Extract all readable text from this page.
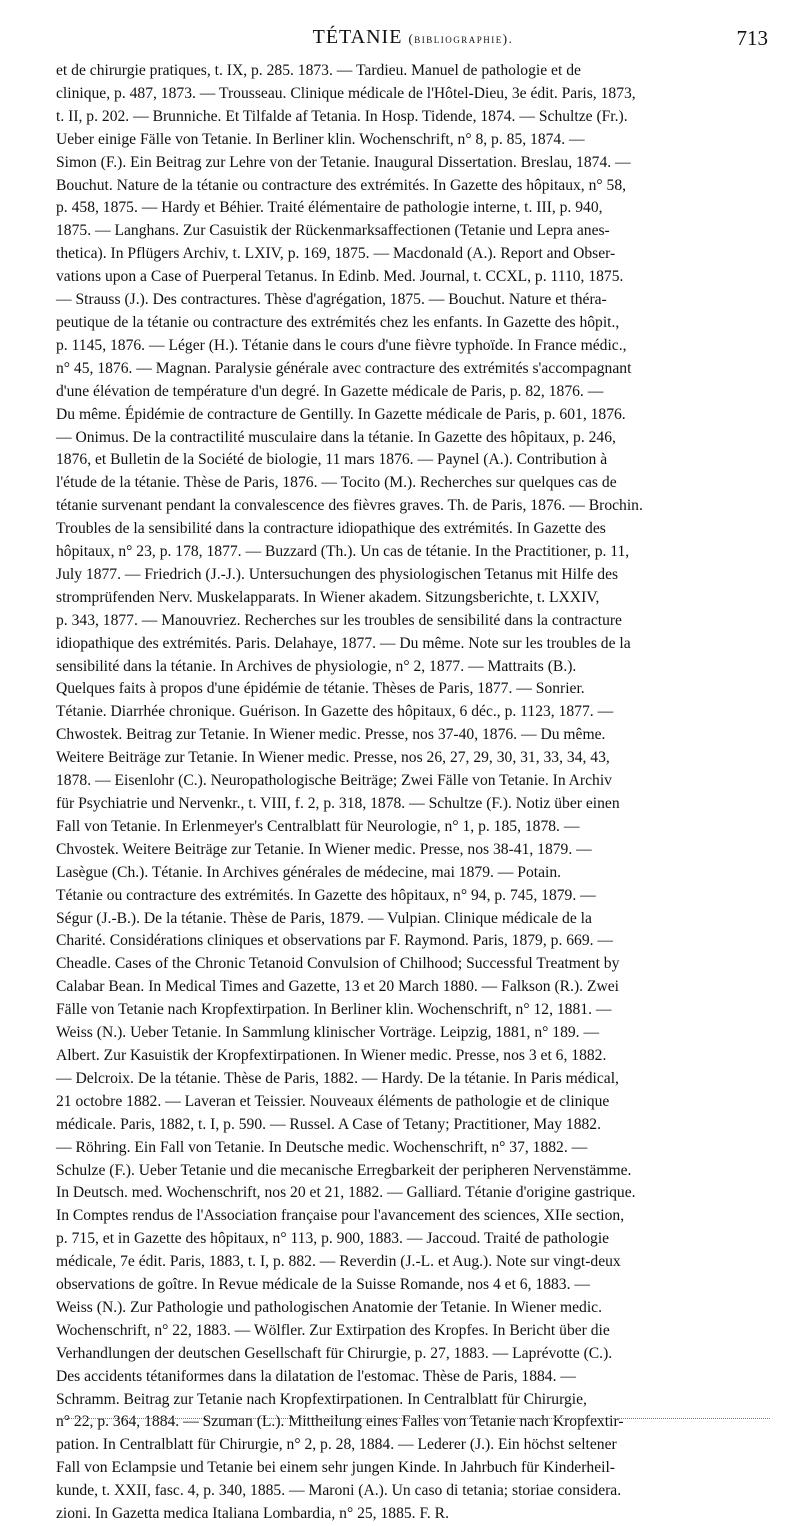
TÉTANIE (bibliographie).	713
et de chirurgie pratiques, t. IX, p. 285. 1873. — Tardieu. Manuel de pathologie et de
clinique, p. 487, 1873. — Trousseau. Clinique médicale de l'Hôtel-Dieu, 3e édit. Paris, 1873,
t. II, p. 202. — Brunniche. Et Tilfalde af Tetania. In Hosp. Tidende, 1874. — Schultze (Fr.).
Ueber einige Fälle von Tetanie. In Berliner klin. Wochenschrift, n° 8, p. 85, 1874. —
Simon (F.). Ein Beitrag zur Lehre von der Tetanie. Inaugural Dissertation. Breslau, 1874. —
Bouchut. Nature de la tétanie ou contracture des extrémités. In Gazette des hôpitaux, n° 58,
p. 458, 1875. — Hardy et Béhier. Traité élémentaire de pathologie interne, t. III, p. 940,
1875. — Langhans. Zur Casuistik der Rückenmarksaffectionen (Tetanie und Lepra anes-
thetica). In Pflügers Archiv, t. LXIV, p. 169, 1875. — Macdonald (A.). Report and Obser-
vations upon a Case of Puerperal Tetanus. In Edinb. Med. Journal, t. CCXL, p. 1110, 1875.
— Strauss (J.). Des contractures. Thèse d'agrégation, 1875. — Bouchut. Nature et théra-
peutique de la tétanie ou contracture des extrémités chez les enfants. In Gazette des hôpit.,
p. 1145, 1876. — Léger (H.). Tétanie dans le cours d'une fièvre typhoïde. In France médic.,
n° 45, 1876. — Magnan. Paralysie générale avec contracture des extrémités s'accompagnant
d'une élévation de température d'un degré. In Gazette médicale de Paris, p. 82, 1876. —
Du même. Épidémie de contracture de Gentilly. In Gazette médicale de Paris, p. 601, 1876.
— Onimus. De la contractilité musculaire dans la tétanie. In Gazette des hôpitaux, p. 246,
1876, et Bulletin de la Société de biologie, 11 mars 1876. — Paynel (A.). Contribution à
l'étude de la tétanie. Thèse de Paris, 1876. — Tocito (M.). Recherches sur quelques cas de
tétanie survenant pendant la convalescence des fièvres graves. Th. de Paris, 1876. — Brochin.
Troubles de la sensibilité dans la contracture idiopathique des extrémités. In Gazette des
hôpitaux, n° 23, p. 178, 1877. — Buzzard (Th.). Un cas de tétanie. In the Practitioner, p. 11,
July 1877. — Friedrich (J.-J.). Untersuchungen des physiologischen Tetanus mit Hilfe des
stromprüfenden Nerv. Muskelapparats. In Wiener akadem. Sitzungsberichte, t. LXXIV,
p. 343, 1877. — Manouvriez. Recherches sur les troubles de sensibilité dans la contracture
idiopathique des extrémités. Paris. Delahaye, 1877. — Du même. Note sur les troubles de la
sensibilité dans la tétanie. In Archives de physiologie, n° 2, 1877. — Mattraits (B.).
Quelques faits à propos d'une épidémie de tétanie. Thèses de Paris, 1877. — Sonrier.
Tétanie. Diarrhée chronique. Guérison. In Gazette des hôpitaux, 6 déc., p. 1123, 1877. —
Chwostek. Beitrag zur Tetanie. In Wiener medic. Presse, nos 37-40, 1876. — Du même.
Weitere Beiträge zur Tetanie. In Wiener medic. Presse, nos 26, 27, 29, 30, 31, 33, 34, 43,
1878. — Eisenlohr (C.). Neuropathologische Beiträge; Zwei Fälle von Tetanie. In Archiv
für Psychiatrie und Nervenkr., t. VIII, f. 2, p. 318, 1878. — Schultze (F.). Notiz über einen
Fall von Tetanie. In Erlenmeyer's Centralblatt für Neurologie, n° 1, p. 185, 1878. —
Chvostek. Weitere Beiträge zur Tetanie. In Wiener medic. Presse, nos 38-41, 1879. —
Lasègue (Ch.). Tétanie. In Archives générales de médecine, mai 1879. — Potain.
Tétanie ou contracture des extrémités. In Gazette des hôpitaux, n° 94, p. 745, 1879. —
Ségur (J.-B.). De la tétanie. Thèse de Paris, 1879. — Vulpian. Clinique médicale de la
Charité. Considérations cliniques et observations par F. Raymond. Paris, 1879, p. 669. —
Cheadle. Cases of the Chronic Tetanoid Convulsion of Chilhood; Successful Treatment by
Calabar Bean. In Medical Times and Gazette, 13 et 20 March 1880. — Falkson (R.). Zwei
Fälle von Tetanie nach Kropfextirpation. In Berliner klin. Wochenschrift, n° 12, 1881. —
Weiss (N.). Ueber Tetanie. In Sammlung klinischer Vorträge. Leipzig, 1881, n° 189. —
Albert. Zur Kasuistik der Kropfextirpationen. In Wiener medic. Presse, nos 3 et 6, 1882.
— Delcroix. De la tétanie. Thèse de Paris, 1882. — Hardy. De la tétanie. In Paris médical,
21 octobre 1882. — Laveran et Teissier. Nouveaux éléments de pathologie et de clinique
médicale. Paris, 1882, t. I, p. 590. — Russel. A Case of Tetany; Practitioner, May 1882.
— Röhring. Ein Fall von Tetanie. In Deutsche medic. Wochenschrift, n° 37, 1882. —
Schulze (F.). Ueber Tetanie und die mecanische Erregbarkeit der peripheren Nervenstämme.
In Deutsch. med. Wochenschrift, nos 20 et 21, 1882. — Galliard. Tétanie d'origine gastrique.
In Comptes rendus de l'Association française pour l'avancement des sciences, XIIe section,
p. 715, et in Gazette des hôpitaux, n° 113, p. 900, 1883. — Jaccoud. Traité de pathologie
médicale, 7e édit. Paris, 1883, t. I, p. 882. — Reverdin (J.-L. et Aug.). Note sur vingt-deux
observations de goître. In Revue médicale de la Suisse Romande, nos 4 et 6, 1883. —
Weiss (N.). Zur Pathologie und pathologischen Anatomie der Tetanie. In Wiener medic.
Wochenschrift, n° 22, 1883. — Wölfler. Zur Extirpation des Kropfes. In Bericht über die
Verhandlungen der deutschen Gesellschaft für Chirurgie, p. 27, 1883. — Laprévotte (C.).
Des accidents tétaniformes dans la dilatation de l'estomac. Thèse de Paris, 1884. —
Schramm. Beitrag zur Tetanie nach Kropfextirpationen. In Centralblatt für Chirurgie,
n° 22, p. 364, 1884. — Szuman (L.). Mittheilung eines Falles von Tetanie nach Kropfextir-
pation. In Centralblatt für Chirurgie, n° 2, p. 28, 1884. — Lederer (J.). Ein höchst seltener
Fall von Eclampsie und Tetanie bei einem sehr jungen Kinde. In Jahrbuch für Kinderheil-
kunde, t. XXII, fasc. 4, p. 340, 1885. — Maroni (A.). Un caso di tetania; storiae considera.
zioni. In Gazetta medica Italiana Lombardia, n° 25, 1885. F. R.
